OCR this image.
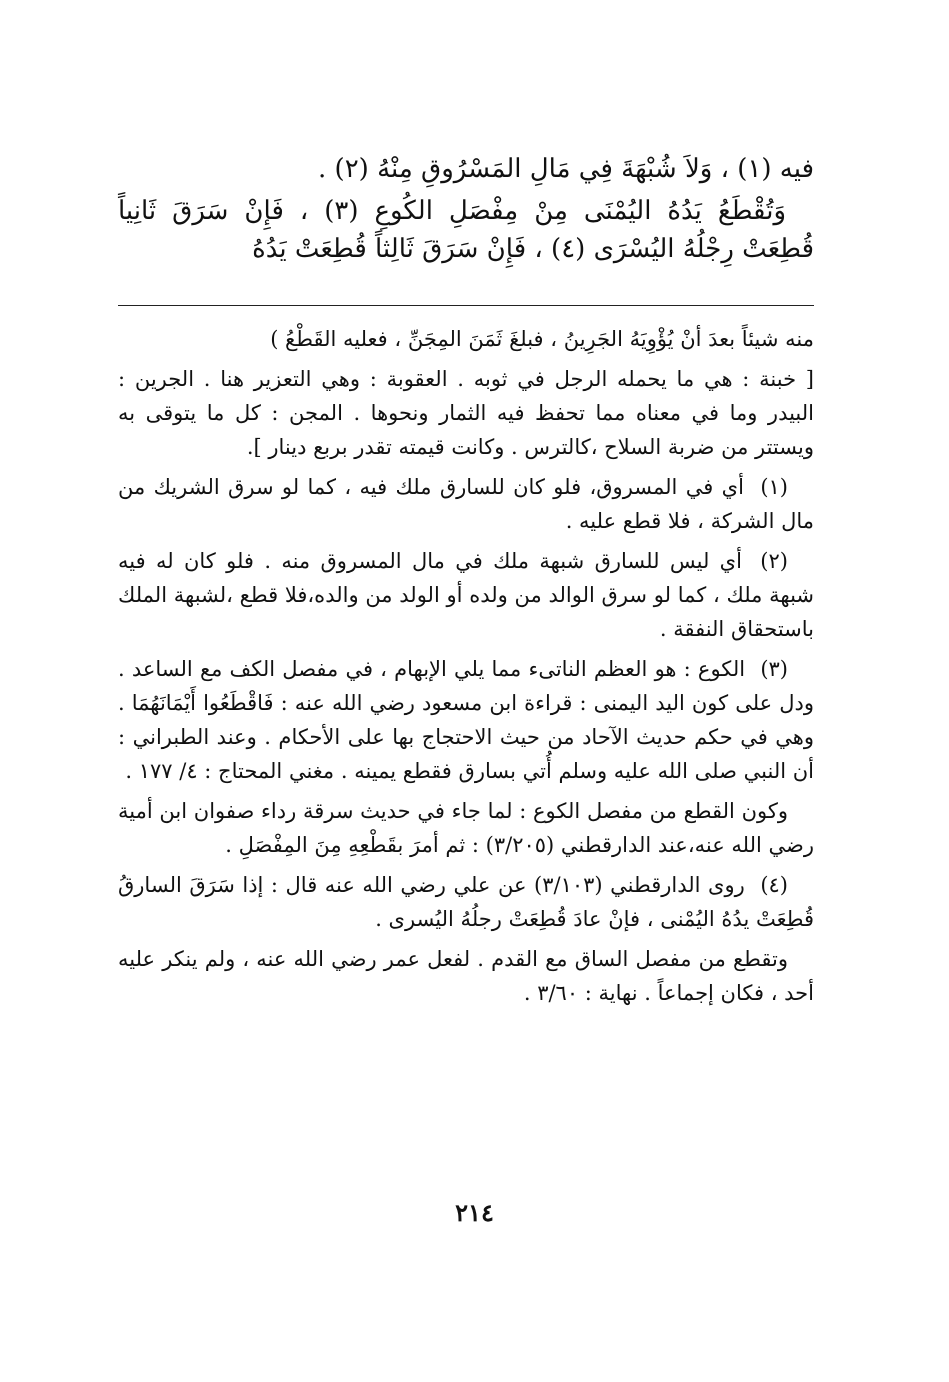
فيه (١) ، وَلاَ شُبْهَةَ فِي مَالِ المَسْرُوقِ مِنْهُ (٢) .

وَتُقْطَعُ يَدُهُ اليُمْنَى مِنْ مِفْصَلِ الكُوعِ (٣) ، فَإِنْ سَرَقَ ثَانِياً قُطِعَتْ رِجْلُهُ اليُسْرَى (٤) ، فَإِنْ سَرَقَ ثَالِثاً قُطِعَتْ يَدُهُ

منه شيئاً بعدَ أنْ يُؤْوِيَهُ الجَرِينُ ، فبلغَ ثَمَنَ المِجَنِّ ، فعليه القَطْعُ )

[ خبنة : هي ما يحمله الرجل في ثوبه . العقوبة : وهي التعزير هنا . الجرين : البيدر وما في معناه مما تحفظ فيه الثمار ونحوها . المجن : كل ما يتوقى به ويستتر من ضربة السلاح ،كالترس . وكانت قيمته تقدر بربع دينار ].

(١) أي في المسروق، فلو كان للسارق ملك فيه ، كما لو سرق الشريك من مال الشركة ، فلا قطع عليه .

(٢) أي ليس للسارق شبهة ملك في مال المسروق منه . فلو كان له فيه شبهة ملك ، كما لو سرق الوالد من ولده أو الولد من والده،فلا قطع ،لشبهة الملك باستحقاق النفقة .

(٣) الكوع : هو العظم الناتىء مما يلي الإبهام ، في مفصل الكف مع الساعد . ودل على كون اليد اليمنى : قراءة ابن مسعود رضي الله عنه : فَاقْطَعُوا أَيْمَانَهُمَا . وهي في حكم حديث الآحاد من حيث الاحتجاج بها على الأحكام . وعند الطبراني : أن النبي صلى الله عليه وسلم أُتي بسارق فقطع يمينه . مغني المحتاج : ٤/ ١٧٧ .

وكون القطع من مفصل الكوع : لما جاء في حديث سرقة رداء صفوان ابن أمية رضي الله عنه،عند الدارقطني (٣/٢٠٥) : ثم أمرَ بقَطْعِهِ مِنَ المِفْصَلِ .

(٤) روى الدارقطني (٣/١٠٣) عن علي رضي الله عنه قال : إذا سَرَقَ السارقُ قُطِعَتْ يدُهُ اليُمْنى ، فإنْ عادَ قُطِعَتْ رجلُهُ اليُسرى .

وتقطع من مفصل الساق مع القدم . لفعل عمر رضي الله عنه ، ولم ينكر عليه أحد ، فكان إجماعاً . نهاية : ٣/٦٠ .

٢١٤
